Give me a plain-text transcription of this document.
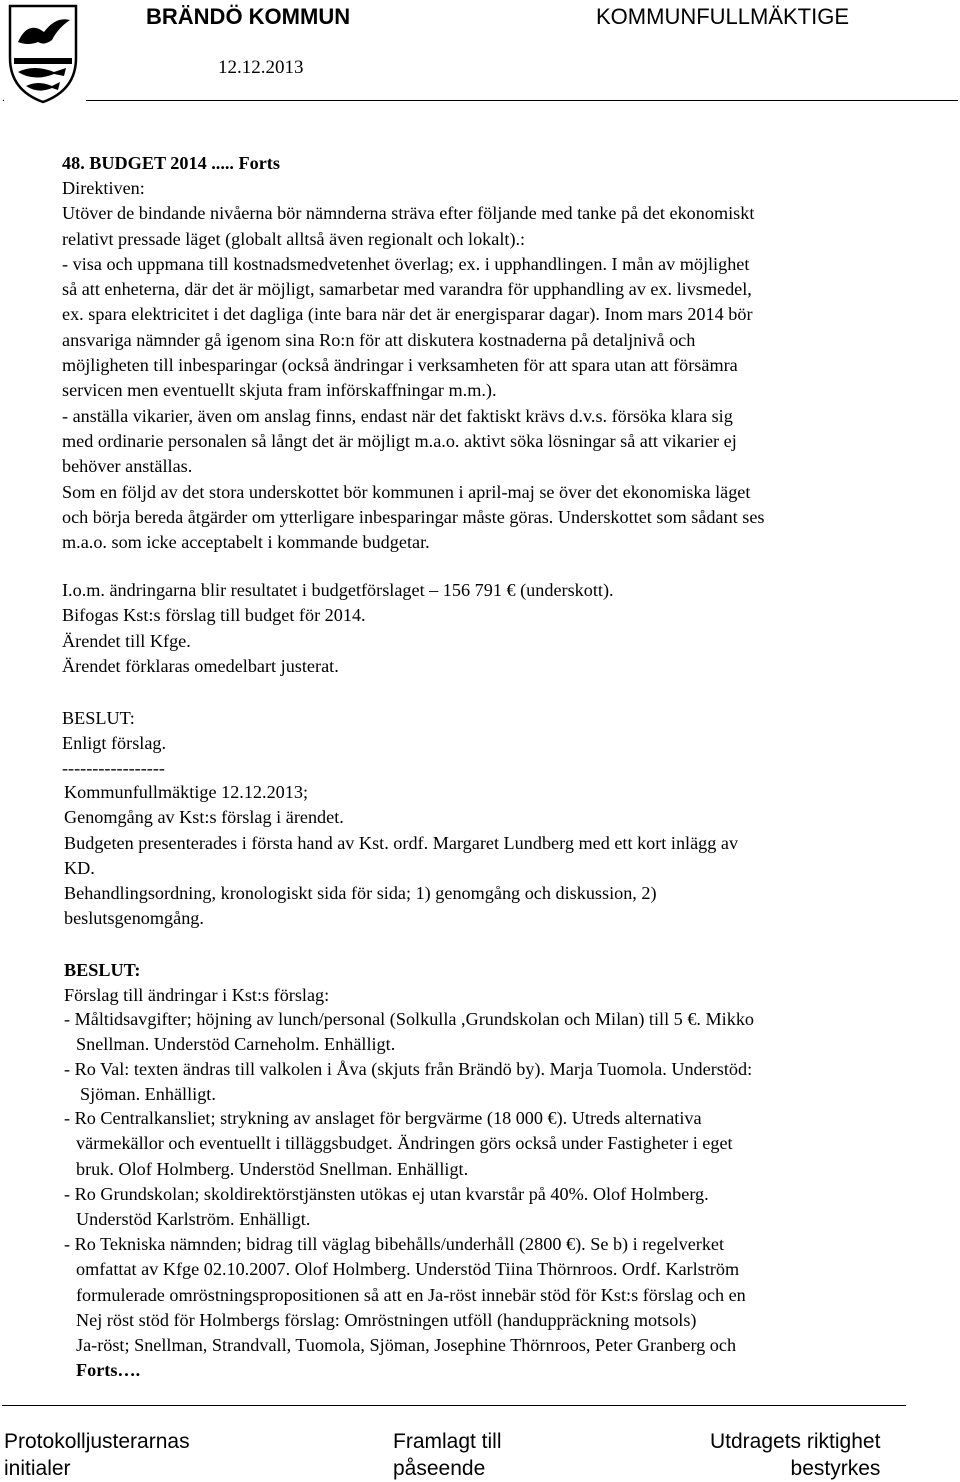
.
BRÄNDÖ KOMMUN	KOMMUNFULLMÄKTIGE
12.12.2013
48. BUDGET 2014 ..... Forts
Direktiven:
Utöver de bindande nivåerna bör nämnderna sträva efter följande med tanke på det ekonomiskt
relativt pressade läget (globalt alltså även regionalt och lokalt).:
- visa och uppmana till kostnadsmedvetenhet överlag; ex. i upphandlingen. I mån av möjlighet
så att enheterna, där det är möjligt, samarbetar med varandra för upphandling av ex. livsmedel,
ex. spara elektricitet i det dagliga (inte bara när det är energisparar dagar). Inom mars 2014 bör
ansvariga nämnder gå igenom sina Ro:n för att diskutera kostnaderna på detaljnivå och
möjligheten till inbesparingar (också ändringar i verksamheten för att spara utan att försämra
servicen men eventuellt skjuta fram införskaffningar m.m.).
- anställa vikarier, även om anslag finns, endast när det faktiskt krävs d.v.s. försöka klara sig
med ordinarie personalen så långt det är möjligt m.a.o. aktivt söka lösningar så att vikarier ej
behöver anställas.
Som en följd av det stora underskottet bör kommunen i april-maj se över det ekonomiska läget
och börja bereda åtgärder om ytterligare inbesparingar måste göras. Underskottet som sådant ses
m.a.o. som icke acceptabelt i kommande budgetar.
I.o.m. ändringarna blir resultatet i budgetförslaget – 156 791 € (underskott).
Bifogas Kst:s förslag till budget för 2014.
Ärendet till Kfge.
Ärendet förklaras omedelbart justerat.
BESLUT:
Enligt förslag.
-----------------
Kommunfullmäktige 12.12.2013;
Genomgång av Kst:s förslag i ärendet.
Budgeten presenterades i första hand av Kst. ordf. Margaret Lundberg med ett kort inlägg av
KD.
Behandlingsordning, kronologiskt sida för sida; 1) genomgång och diskussion, 2)
beslutsgenomgång.
BESLUT:
Förslag till ändringar i Kst:s förslag:
- Måltidsavgifter; höjning av lunch/personal (Solkulla ,Grundskolan och Milan) till 5 €. Mikko
Snellman. Understöd Carneholm. Enhälligt.
- Ro Val: texten ändras till valkolen i Åva (skjuts från Brändö by). Marja Tuomola. Understöd:
Sjöman. Enhälligt.
- Ro Centralkansliet; strykning av anslaget för bergvärme (18 000 €). Utreds alternativa
värmekällor och eventuellt i tilläggsbudget. Ändringen görs också under Fastigheter i eget
bruk. Olof Holmberg. Understöd Snellman. Enhälligt.
- Ro Grundskolan; skoldirektörstjänsten utökas ej utan kvarstår på 40%. Olof Holmberg.
Understöd Karlström. Enhälligt.
- Ro Tekniska nämnden; bidrag till väglag bibehålls/underhåll (2800 €). Se b) i regelverket
omfattat av Kfge 02.10.2007. Olof Holmberg. Understöd Tiina Thörnroos. Ordf. Karlström
formulerade omröstningspropositionen så att en Ja-röst innebär stöd för Kst:s förslag och en
Nej röst stöd för Holmbergs förslag: Omröstningen utföll (handuppräckning motsols)
Ja-röst; Snellman, Strandvall, Tuomola, Sjöman, Josephine Thörnroos, Peter Granberg och
Forts….
Protokolljusterarnas
initialer
Framlagt till
påseende
Utdragets riktighet
bestyrkes
